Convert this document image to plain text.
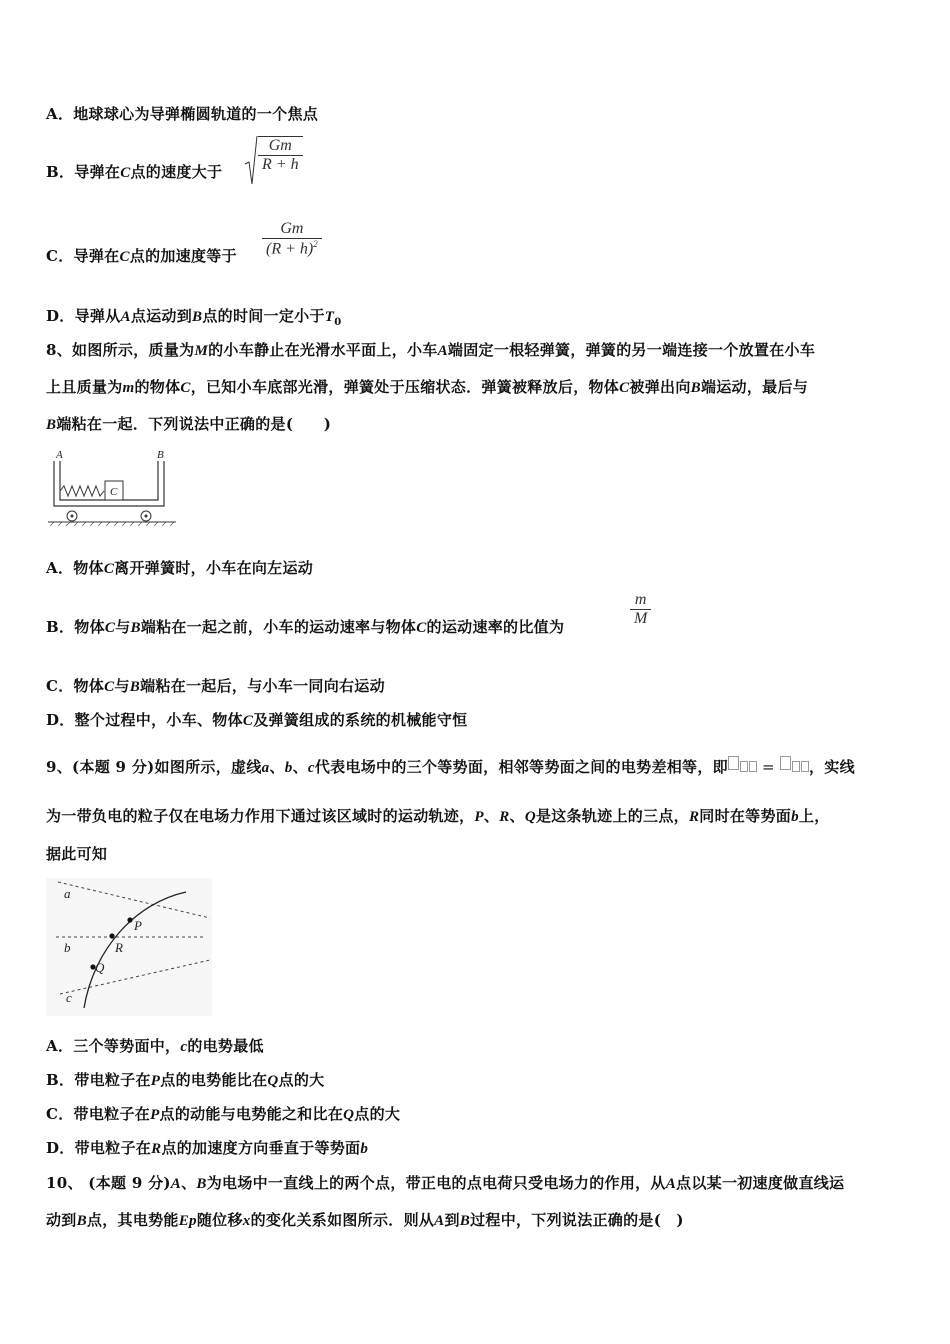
A．地球球心为导弹椭圆轨道的一个焦点
B．导弹在C点的速度大于 $\frac{Gm}{R + h}$
C．导弹在C点的加速度等于 $\frac{Gm}{(R + h)^2}$
D．导弹从A点运动到B点的时间一定小于$T_0$
8、如图所示，质量为M的小车静止在光滑水平面上，小车A端固定一根轻弹簧，弹簧的另一端连接一个放置在小车
上且质量为m的物体C，已知小车底部光滑，弹簧处于压缩状态．弹簧被释放后，物体C被弹出向B端运动，最后与
B端粘在一起．下列说法中正确的是(　　)
A	B
C
A．物体C离开弹簧时，小车在向左运动
B．物体C与B端粘在一起之前，小车的运动速率与物体C的运动速率的比值为	$\frac{m}{M}$
C．物体C与B端粘在一起后，与小车一同向右运动
D．整个过程中，小车、物体C及弹簧组成的系统的机械能守恒
9、(本题 9 分)如图所示，虚线a、b、c代表电场中的三个等势面，相邻等势面之间的电势差相等，即 = ，实线
为一带负电的粒子仅在电场力作用下通过该区域时的运动轨迹，P、R、Q是这条轨迹上的三点，R同时在等势面b上，
据此可知
a
b
c
P
R
Q
A．三个等势面中，c的电势最低
B．带电粒子在P点的电势能比在Q点的大
C．带电粒子在P点的动能与电势能之和比在Q点的大
D．带电粒子在R点的加速度方向垂直于等势面b
10、 (本题 9 分)A、B为电场中一直线上的两个点，带正电的点电荷只受电场力的作用，从A点以某一初速度做直线运
动到B点，其电势能Ep随位移x的变化关系如图所示．则从A到B过程中，下列说法正确的是(　)
